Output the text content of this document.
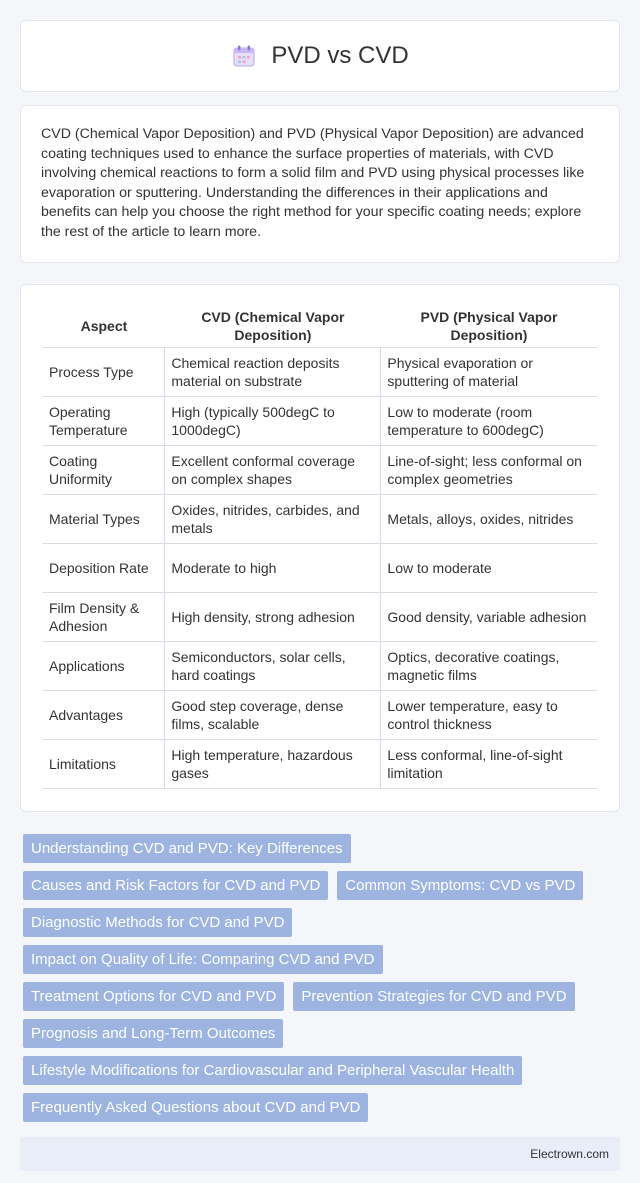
PVD vs CVD

CVD (Chemical Vapor Deposition) and PVD (Physical Vapor Deposition) are advanced coating techniques used to enhance the surface properties of materials, with CVD involving chemical reactions to form a solid film and PVD using physical processes like evaporation or sputtering. Understanding the differences in their applications and benefits can help you choose the right method for your specific coating needs; explore the rest of the article to learn more.

Aspect	CVD (Chemical Vapor Deposition)	PVD (Physical Vapor Deposition)
Process Type	Chemical reaction deposits material on substrate	Physical evaporation or sputtering of material
Operating Temperature	High (typically 500degC to 1000degC)	Low to moderate (room temperature to 600degC)
Coating Uniformity	Excellent conformal coverage on complex shapes	Line-of-sight; less conformal on complex geometries
Material Types	Oxides, nitrides, carbides, and metals	Metals, alloys, oxides, nitrides
Deposition Rate	Moderate to high	Low to moderate
Film Density & Adhesion	High density, strong adhesion	Good density, variable adhesion
Applications	Semiconductors, solar cells, hard coatings	Optics, decorative coatings, magnetic films
Advantages	Good step coverage, dense films, scalable	Lower temperature, easy to control thickness
Limitations	High temperature, hazardous gases	Less conformal, line-of-sight limitation
Understanding CVD and PVD: Key Differences
Causes and Risk Factors for CVD and PVD	Common Symptoms: CVD vs PVD
Diagnostic Methods for CVD and PVD
Impact on Quality of Life: Comparing CVD and PVD
Treatment Options for CVD and PVD	Prevention Strategies for CVD and PVD
Prognosis and Long-Term Outcomes
Lifestyle Modifications for Cardiovascular and Peripheral Vascular Health
Frequently Asked Questions about CVD and PVD
Electrown.com
